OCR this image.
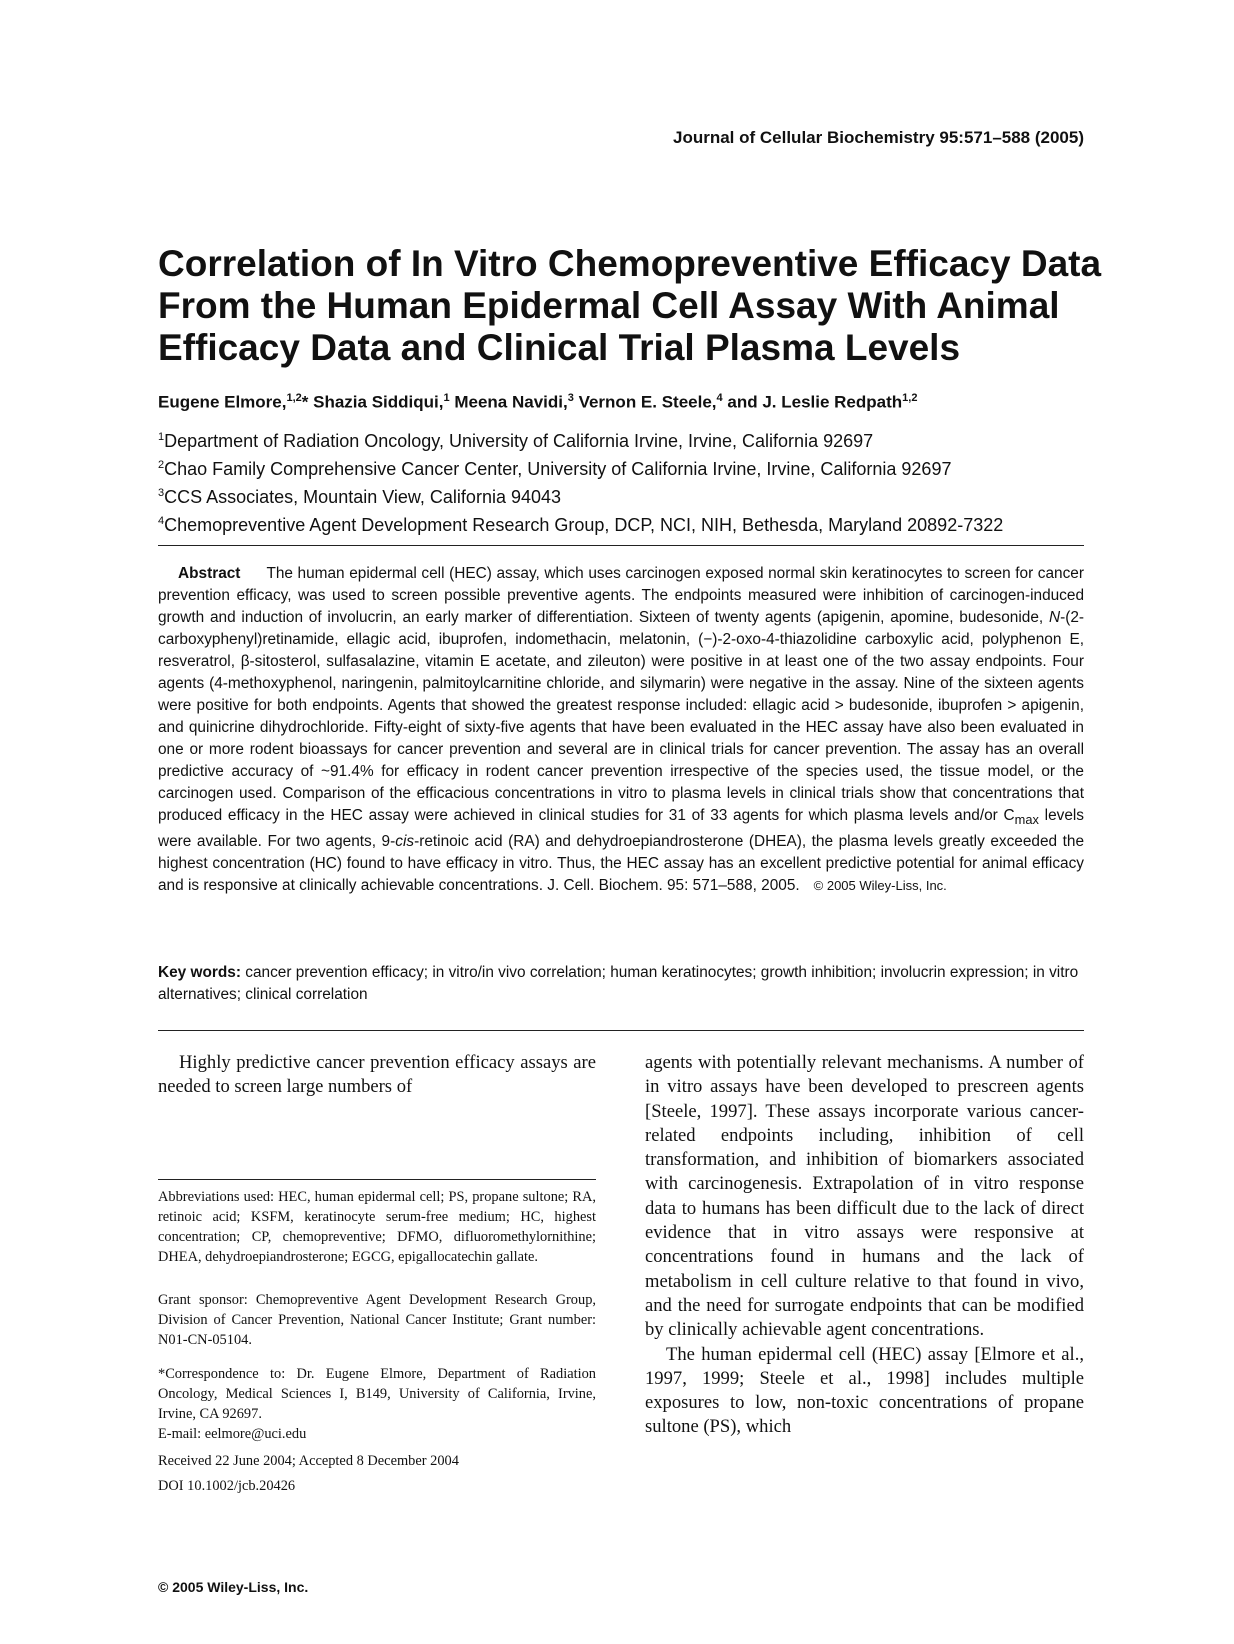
Journal of Cellular Biochemistry 95:571–588 (2005)
Correlation of In Vitro Chemopreventive Efficacy Data
From the Human Epidermal Cell Assay With Animal
Efficacy Data and Clinical Trial Plasma Levels
Eugene Elmore,$^{1,2}$* Shazia Siddiqui,$^1$ Meena Navidi,$^3$ Vernon E. Steele,$^4$ and J. Leslie Redpath$^{1,2}$
$^1$Department of Radiation Oncology, University of California Irvine, Irvine, California 92697
$^2$Chao Family Comprehensive Cancer Center, University of California Irvine, Irvine, California 92697
$^3$CCS Associates, Mountain View, California 94043
$^4$Chemopreventive Agent Development Research Group, DCP, NCI, NIH, Bethesda, Maryland 20892-7322

Abstract The human epidermal cell (HEC) assay, which uses carcinogen exposed normal skin keratinocytes to screen for cancer prevention efficacy, was used to screen possible preventive agents. The endpoints measured were inhibition of carcinogen-induced growth and induction of involucrin, an early marker of differentiation. Sixteen of twenty agents (apigenin, apomine, budesonide, N-(2-carboxyphenyl)retinamide, ellagic acid, ibuprofen, indomethacin, melatonin, (−)-2-oxo-4-thiazolidine carboxylic acid, polyphenon E, resveratrol, β-sitosterol, sulfasalazine, vitamin E acetate, and zileuton) were positive in at least one of the two assay endpoints. Four agents (4-methoxyphenol, naringenin, palmitoylcarnitine chloride, and silymarin) were negative in the assay. Nine of the sixteen agents were positive for both endpoints. Agents that showed the greatest response included: ellagic acid > budesonide, ibuprofen > apigenin, and quinicrine dihydrochloride. Fifty-eight of sixty-five agents that have been evaluated in the HEC assay have also been evaluated in one or more rodent bioassays for cancer prevention and several are in clinical trials for cancer prevention. The assay has an overall predictive accuracy of ~91.4% for efficacy in rodent cancer prevention irrespective of the species used, the tissue model, or the carcinogen used. Comparison of the efficacious concentrations in vitro to plasma levels in clinical trials show that concentrations that produced efficacy in the HEC assay were achieved in clinical studies for 31 of 33 agents for which plasma levels and/or $C_{max}$ levels were available. For two agents, 9-cis-retinoic acid (RA) and dehydroepiandrosterone (DHEA), the plasma levels greatly exceeded the highest concentration (HC) found to have efficacy in vitro. Thus, the HEC assay has an excellent predictive potential for animal efficacy and is responsive at clinically achievable concentrations. J. Cell. Biochem. 95: 571–588, 2005. © 2005 Wiley-Liss, Inc.

Key words: cancer prevention efficacy; in vitro/in vivo correlation; human keratinocytes; growth inhibition; involucrin expression; in vitro alternatives; clinical correlation

Highly predictive cancer prevention efficacy assays are needed to screen large numbers of

Abbreviations used: HEC, human epidermal cell; PS, propane sultone; RA, retinoic acid; KSFM, keratinocyte serum-free medium; HC, highest concentration; CP, chemopreventive; DFMO, difluoromethylornithine; DHEA, dehydroepiandrosterone; EGCG, epigallocatechin gallate.

Grant sponsor: Chemopreventive Agent Development Research Group, Division of Cancer Prevention, National Cancer Institute; Grant number: N01-CN-05104.

*Correspondence to: Dr. Eugene Elmore, Department of Radiation Oncology, Medical Sciences I, B149, University of California, Irvine, Irvine, CA 92697.

E-mail: eelmore@uci.edu

Received 22 June 2004; Accepted 8 December 2004

DOI 10.1002/jcb.20426

© 2005 Wiley-Liss, Inc.

agents with potentially relevant mechanisms. A number of in vitro assays have been developed to prescreen agents [Steele, 1997]. These assays incorporate various cancer-related endpoints including, inhibition of cell transformation, and inhibition of biomarkers associated with carcinogenesis. Extrapolation of in vitro response data to humans has been difficult due to the lack of direct evidence that in vitro assays were responsive at concentrations found in humans and the lack of metabolism in cell culture relative to that found in vivo, and the need for surrogate endpoints that can be modified by clinically achievable agent concentrations.

The human epidermal cell (HEC) assay [Elmore et al., 1997, 1999; Steele et al., 1998] includes multiple exposures to low, non-toxic concentrations of propane sultone (PS), which
